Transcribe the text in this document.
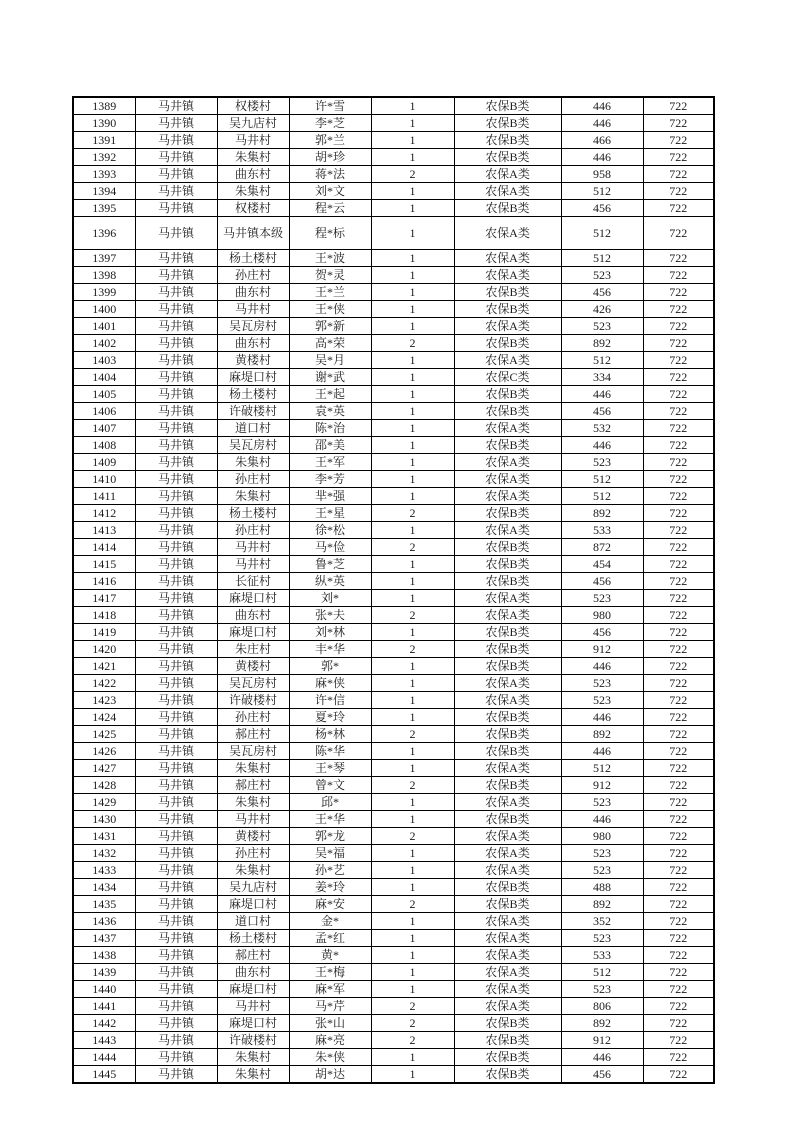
1389	马井镇	权楼村	许*雪	1	农保B类	446	722
1390	马井镇	吴九店村	李*芝	1	农保B类	446	722
1391	马井镇	马井村	郭*兰	1	农保B类	466	722
1392	马井镇	朱集村	胡*珍	1	农保B类	446	722
1393	马井镇	曲东村	蒋*法	2	农保A类	958	722
1394	马井镇	朱集村	刘*文	1	农保A类	512	722
1395	马井镇	权楼村	程*云	1	农保B类	456	722
1396	马井镇	马井镇本级	程*标	1	农保A类	512	722
1397	马井镇	杨土楼村	王*波	1	农保A类	512	722
1398	马井镇	孙庄村	贺*灵	1	农保A类	523	722
1399	马井镇	曲东村	王*兰	1	农保B类	456	722
1400	马井镇	马井村	王*侠	1	农保B类	426	722
1401	马井镇	吴瓦房村	郭*新	1	农保A类	523	722
1402	马井镇	曲东村	高*荣	2	农保B类	892	722
1403	马井镇	黄楼村	吴*月	1	农保A类	512	722
1404	马井镇	麻堤口村	谢*武	1	农保C类	334	722
1405	马井镇	杨土楼村	王*起	1	农保B类	446	722
1406	马井镇	许破楼村	袁*英	1	农保B类	456	722
1407	马井镇	道口村	陈*治	1	农保A类	532	722
1408	马井镇	吴瓦房村	邵*美	1	农保B类	446	722
1409	马井镇	朱集村	王*军	1	农保A类	523	722
1410	马井镇	孙庄村	李*芳	1	农保A类	512	722
1411	马井镇	朱集村	芈*强	1	农保A类	512	722
1412	马井镇	杨土楼村	王*星	2	农保B类	892	722
1413	马井镇	孙庄村	徐*松	1	农保A类	533	722
1414	马井镇	马井村	马*俭	2	农保B类	872	722
1415	马井镇	马井村	鲁*芝	1	农保B类	454	722
1416	马井镇	长征村	纵*英	1	农保B类	456	722
1417	马井镇	麻堤口村	刘*	1	农保A类	523	722
1418	马井镇	曲东村	张*夫	2	农保A类	980	722
1419	马井镇	麻堤口村	刘*林	1	农保B类	456	722
1420	马井镇	朱庄村	丰*华	2	农保B类	912	722
1421	马井镇	黄楼村	郭*	1	农保B类	446	722
1422	马井镇	吴瓦房村	麻*侠	1	农保A类	523	722
1423	马井镇	许破楼村	许*信	1	农保A类	523	722
1424	马井镇	孙庄村	夏*玲	1	农保B类	446	722
1425	马井镇	郝庄村	杨*林	2	农保B类	892	722
1426	马井镇	吴瓦房村	陈*华	1	农保B类	446	722
1427	马井镇	朱集村	王*琴	1	农保A类	512	722
1428	马井镇	郝庄村	曾*文	2	农保B类	912	722
1429	马井镇	朱集村	邱*	1	农保A类	523	722
1430	马井镇	马井村	王*华	1	农保B类	446	722
1431	马井镇	黄楼村	郭*龙	2	农保A类	980	722
1432	马井镇	孙庄村	吴*福	1	农保A类	523	722
1433	马井镇	朱集村	孙*艺	1	农保A类	523	722
1434	马井镇	吴九店村	姜*玲	1	农保B类	488	722
1435	马井镇	麻堤口村	麻*安	2	农保B类	892	722
1436	马井镇	道口村	金*	1	农保A类	352	722
1437	马井镇	杨土楼村	孟*红	1	农保A类	523	722
1438	马井镇	郝庄村	黄*	1	农保A类	533	722
1439	马井镇	曲东村	王*梅	1	农保A类	512	722
1440	马井镇	麻堤口村	麻*军	1	农保A类	523	722
1441	马井镇	马井村	马*芹	2	农保A类	806	722
1442	马井镇	麻堤口村	张*山	2	农保B类	892	722
1443	马井镇	许破楼村	麻*亮	2	农保B类	912	722
1444	马井镇	朱集村	朱*侠	1	农保B类	446	722
1445	马井镇	朱集村	胡*达	1	农保B类	456	722
